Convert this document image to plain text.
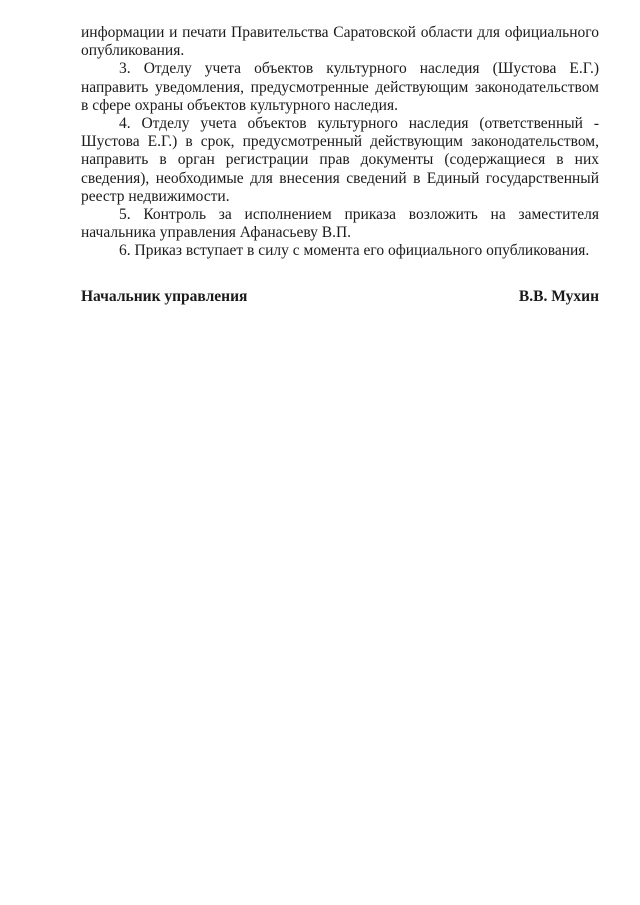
информации и печати Правительства Саратовской области для официального опубликования.

3. Отделу учета объектов культурного наследия (Шустова Е.Г.) направить уведомления, предусмотренные действующим законодательством в сфере охраны объектов культурного наследия.

4. Отделу учета объектов культурного наследия (ответственный - Шустова Е.Г.) в срок, предусмотренный действующим законодательством, направить в орган регистрации прав документы (содержащиеся в них сведения), необходимые для внесения сведений в Единый государственный реестр недвижимости.

5. Контроль за исполнением приказа возложить на заместителя начальника управления Афанасьеву В.П.

6. Приказ вступает в силу с момента его официального опубликования.

Начальник управления	В.В. Мухин
